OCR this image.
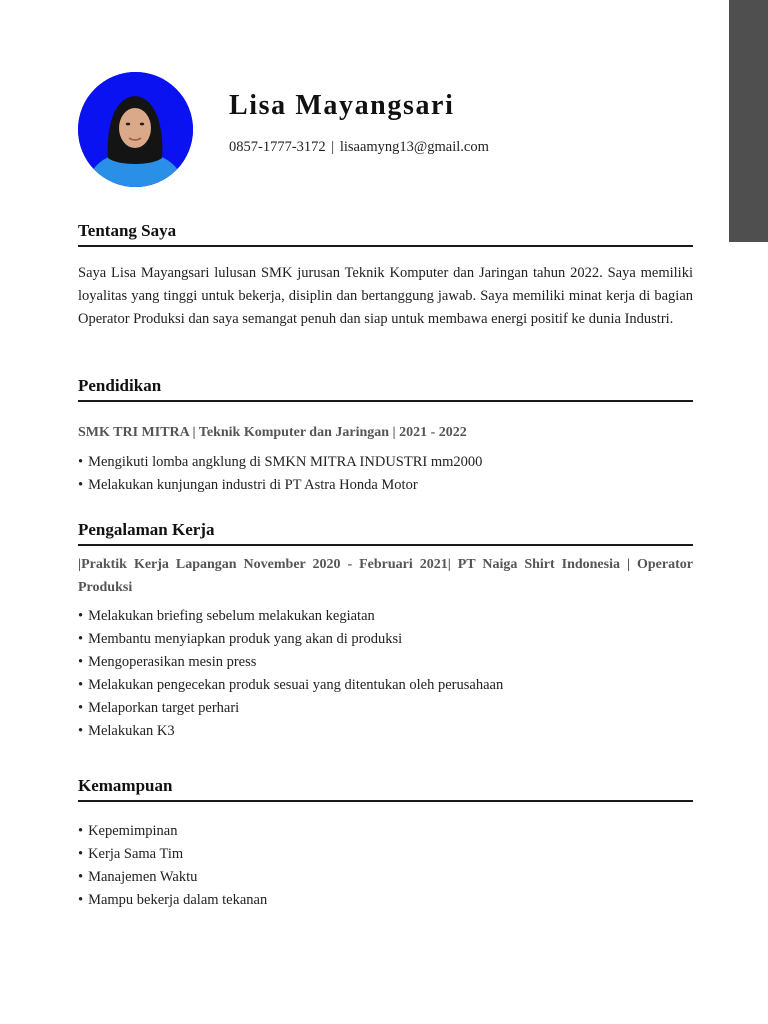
Lisa Mayangsari
0857-1777-3172 | lisaamyng13@gmail.com
Tentang Saya

Saya Lisa Mayangsari lulusan SMK jurusan Teknik Komputer dan Jaringan tahun 2022. Saya memiliki loyalitas yang tinggi untuk bekerja, disiplin dan bertanggung jawab. Saya memiliki minat kerja di bagian Operator Produksi dan saya semangat penuh dan siap untuk membawa energi positif ke dunia Industri.

Pendidikan

SMK TRI MITRA | Teknik Komputer dan Jaringan | 2021 - 2022

• Mengikuti lomba angklung di SMKN MITRA INDUSTRI mm2000
• Melakukan kunjungan industri di PT Astra Honda Motor
Pengalaman Kerja

|Praktik Kerja Lapangan November 2020 - Februari 2021| PT Naiga Shirt Indonesia | Operator Produksi

• Melakukan briefing sebelum melakukan kegiatan
• Membantu menyiapkan produk yang akan di produksi
• Mengoperasikan mesin press
• Melakukan pengecekan produk sesuai yang ditentukan oleh perusahaan
• Melaporkan target perhari
• Melakukan K3
Kemampuan
• Kepemimpinan
• Kerja Sama Tim
• Manajemen Waktu
• Mampu bekerja dalam tekanan
